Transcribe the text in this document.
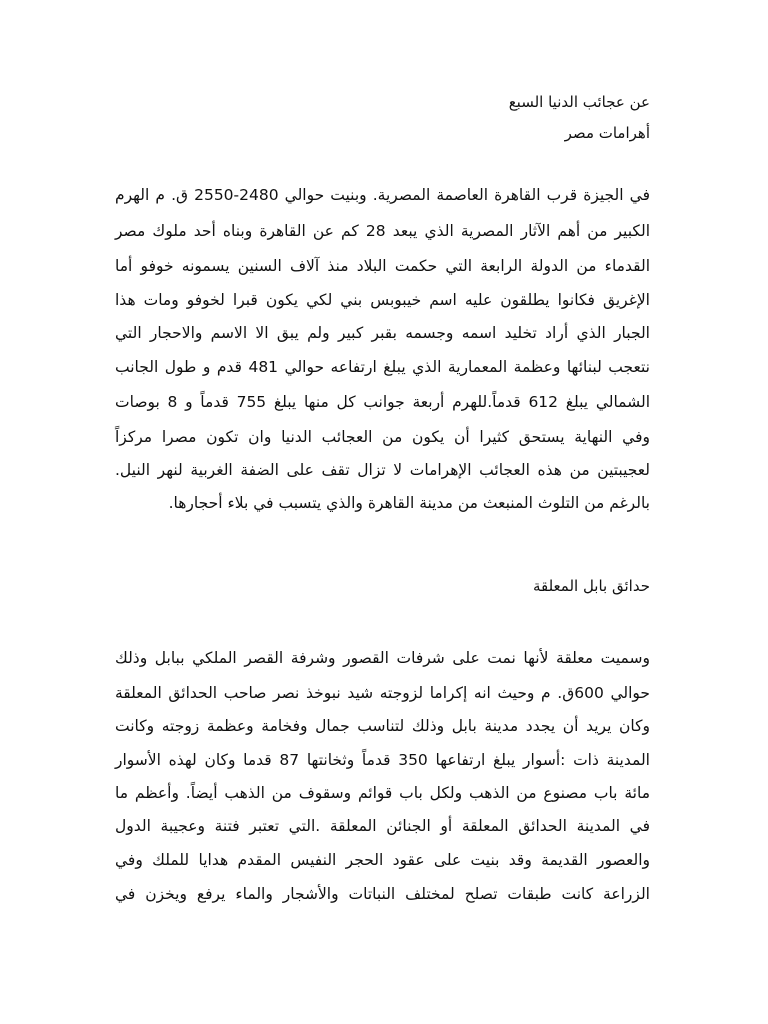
عن عجائب الدنيا السبع
أهرامات مصر
في الجيزة قرب القاهرة العاصمة المصرية. وبنيت حوالي 2480-2550 ق. م الهرم
الكبير من أهم الآثار المصرية الذي يبعد 28 كم عن القاهرة وبناه أحد ملوك مصر
القدماء من الدولة الرابعة التي حكمت البلاد منذ آلاف السنين يسمونه خوفو أما
الإغريق فكانوا يطلقون عليه اسم خيبوبس بني لكي يكون قبرا لخوفو ومات هذا
الجبار الذي أراد تخليد اسمه وجسمه بقبر كبير ولم يبق الا الاسم والاحجار التي
نتعجب لبنائها وعظمة المعمارية الذي يبلغ ارتفاعه حوالي 481 قدم و طول الجانب
الشمالي يبلغ 612 قدماً.للهرم أربعة جوانب كل منها يبلغ 755 قدماً و 8 بوصات
وفي النهاية يستحق كثيرا أن يكون من العجائب الدنيا وان تكون مصرا مركزاً
لعجيبتين من هذه العجائب الإهرامات لا تزال تقف على الضفة الغربية لنهر النيل.
بالرغم من التلوث المنبعث من مدينة القاهرة والذي يتسبب في بلاء أحجارها.
حدائق بابل المعلقة
وسميت معلقة لأنها نمت على شرفات القصور وشرفة القصر الملكي ببابل وذلك
حوالي 600ق. م وحيث انه إكراما لزوجته شيد نبوخذ نصر صاحب الحدائق المعلقة
وكان يريد أن يجدد مدينة بابل وذلك لتناسب جمال وفخامة وعظمة زوجته وكانت
المدينة ذات :أسوار يبلغ ارتفاعها 350 قدماً وثخانتها 87 قدما وكان لهذه الأسوار
مائة باب مصنوع من الذهب ولكل باب قوائم وسقوف من الذهب أيضاً. وأعظم ما
في المدينة الحدائق المعلقة أو الجنائن المعلقة .التي تعتبر فتنة وعجيبة الدول
والعصور القديمة وقد بنيت على عقود الحجر النفيس المقدم هدايا للملك وفي
الزراعة كانت طبقات تصلح لمختلف النباتات والأشجار والماء يرفع ويخزن في
